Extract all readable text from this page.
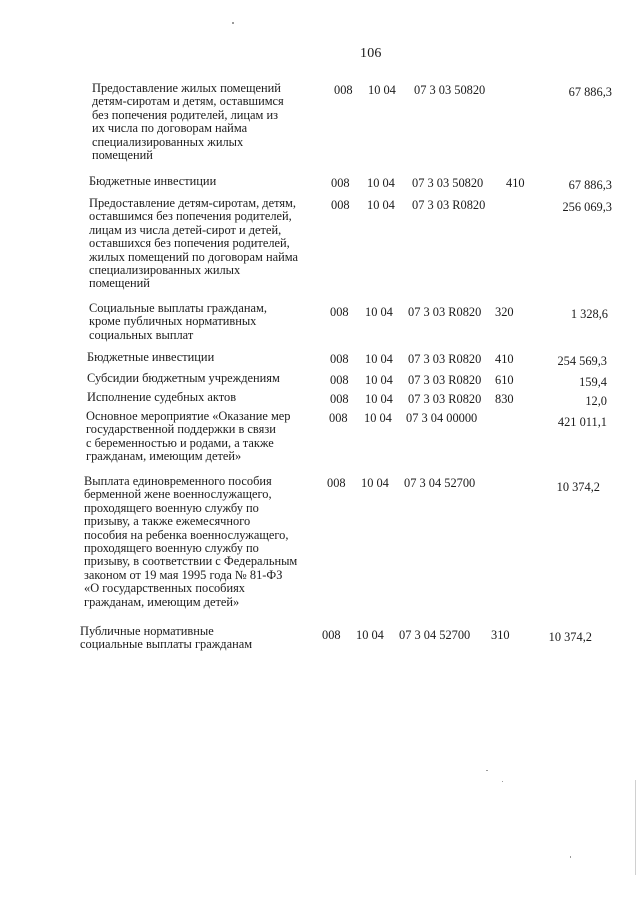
106
Предоставление жилых помещений
детям-сиротам и детям, оставшимся
без попечения родителей, лицам из
их числа по договорам найма
специализированных жилых
помещений
008 10 04 07 3 03 50820	67 886,3
Бюджетные инвестиции	008 10 04 07 3 03 50820 410	67 886,3
Предоставление детям-сиротам, детям,
оставшимся без попечения родителей,
лицам из числа детей-сирот и детей,
оставшихся без попечения родителей,
жилых помещений по договорам найма
специализированных жилых
помещений
008 10 04 07 3 03 R0820	256 069,3
Социальные выплаты гражданам,
кроме публичных нормативных
социальных выплат
008 10 04 07 3 03 R0820 320	1 328,6
Бюджетные инвестиции	008 10 04 07 3 03 R0820 410	254 569,3
Субсидии бюджетным учреждениям	008 10 04 07 3 03 R0820 610	159,4
Исполнение судебных актов	008 10 04 07 3 03 R0820 830	12,0
Основное мероприятие «Оказание мер
государственной поддержки в связи
с беременностью и родами, а также
гражданам, имеющим детей»
008 10 04 07 3 04 00000	421 011,1
Выплата единовременного пособия
берменной жене военнослужащего,
проходящего военную службу по
призыву, а также ежемесячного
пособия на ребенка военнослужащего,
проходящего военную службу по
призыву, в соответствии с Федеральным
законом от 19 мая 1995 года № 81-ФЗ
«О государственных пособиях
гражданам, имеющим детей»
008 10 04 07 3 04 52700	10 374,2
Публичные нормативные
социальные выплаты гражданам
008 10 04 07 3 04 52700 310	10 374,2
